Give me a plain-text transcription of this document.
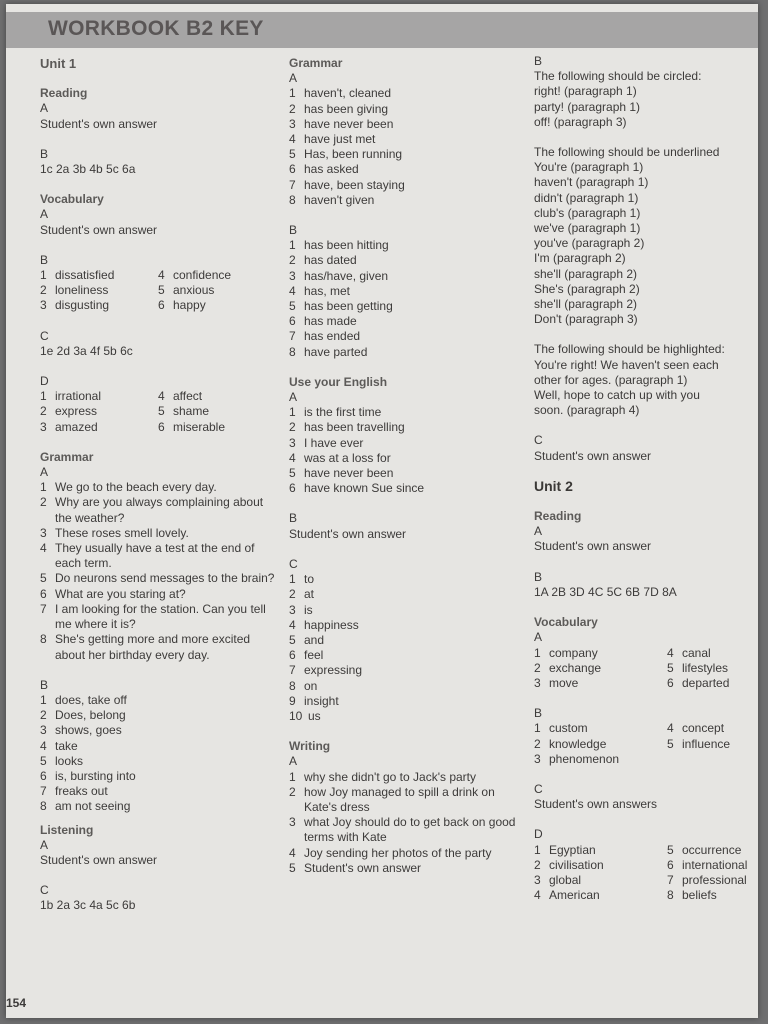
WORKBOOK B2 KEY
Unit 1
Reading
A
Student's own answer
B
1c 2a 3b 4b 5c 6a
Vocabulary
A
Student's own answer
B
1 dissatisfied	4 confidence
2 loneliness	5 anxious
3 disgusting	6 happy
C
1e 2d 3a 4f 5b 6c
D
1 irrational	4 affect
2 express	5 shame
3 amazed	6 miserable
Grammar
A
1 We go to the beach every day.
2 Why are you always complaining about the weather?
3 These roses smell lovely.
4 They usually have a test at the end of each term.
5 Do neurons send messages to the brain?
6 What are you staring at?
7 I am looking for the station. Can you tell me where it is?
8 She's getting more and more excited about her birthday every day.
B
1 does, take off
2 Does, belong
3 shows, goes
4 take
5 looks
6 is, bursting into
7 freaks out
8 am not seeing
Listening
A
Student's own answer
C
1b 2a 3c 4a 5c 6b
Grammar
A
1 haven't, cleaned
2 has been giving
3 have never been
4 have just met
5 Has, been running
6 has asked
7 have, been staying
8 haven't given
B
1 has been hitting
2 has dated
3 has/have, given
4 has, met
5 has been getting
6 has made
7 has ended
8 have parted
Use your English
A
1 is the first time
2 has been travelling
3 I have ever
4 was at a loss for
5 have never been
6 have known Sue since
B
Student's own answer
C
1 to
2 at
3 is
4 happiness
5 and
6 feel
7 expressing
8 on
9 insight
10 us
Writing
A
1 why she didn't go to Jack's party
2 how Joy managed to spill a drink on Kate's dress
3 what Joy should do to get back on good terms with Kate
4 Joy sending her photos of the party
5 Student's own answer
B
The following should be circled:
right! (paragraph 1)
party! (paragraph 1)
off! (paragraph 3)
The following should be underlined
You're (paragraph 1)
haven't (paragraph 1)
didn't (paragraph 1)
club's (paragraph 1)
we've (paragraph 1)
you've (paragraph 2)
I'm (paragraph 2)
she'll (paragraph 2)
She's (paragraph 2)
she'll (paragraph 2)
Don't (paragraph 3)
The following should be highlighted:
You're right! We haven't seen each
other for ages. (paragraph 1)
Well, hope to catch up with you
soon. (paragraph 4)
C
Student's own answer
Unit 2
Reading
A
Student's own answer
B
1A 2B 3D 4C 5C 6B 7D 8A
Vocabulary
A
1 company	4 canal
2 exchange	5 lifestyles
3 move	6 departed
B
1 custom	4 concept
2 knowledge	5 influence
3 phenomenon
C
Student's own answers
D
1 Egyptian	5 occurrence
2 civilisation	6 international
3 global	7 professional
4 American	8 beliefs
154
